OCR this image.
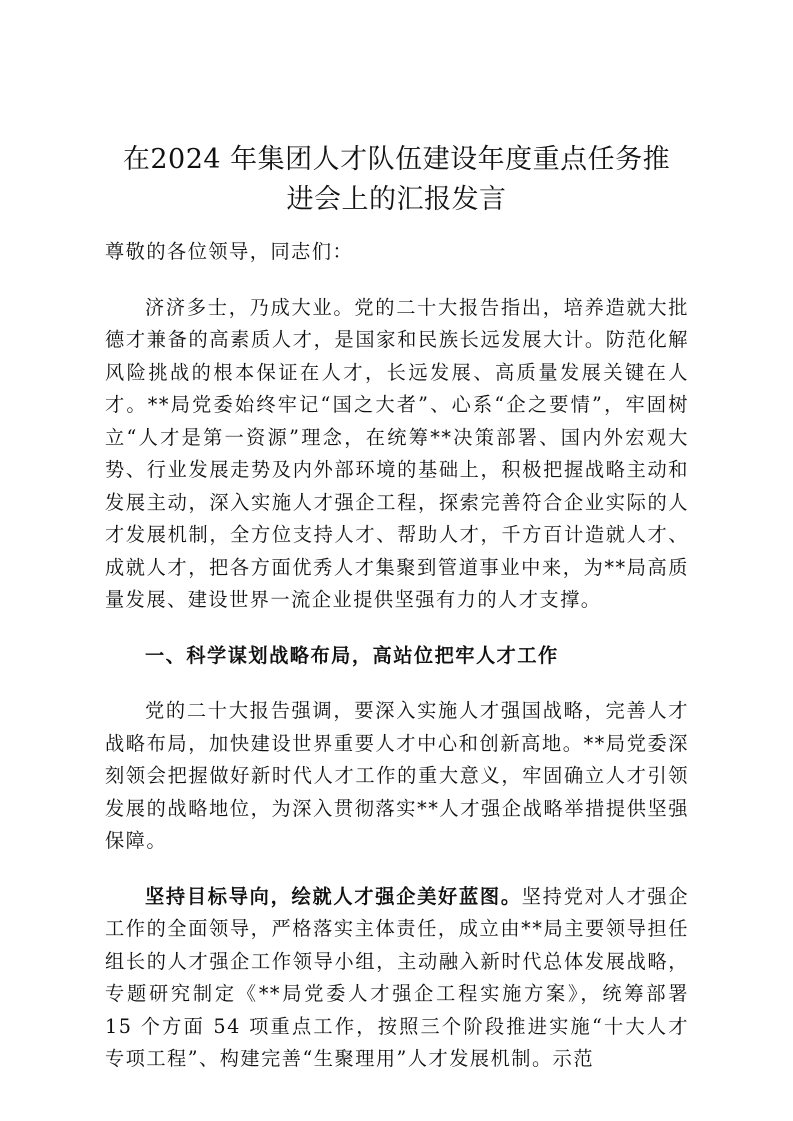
在2024 年集团人才队伍建设年度重点任务推
进会上的汇报发言

尊敬的各位领导，同志们：

济济多士，乃成大业。党的二十大报告指出，培养造就大批德才兼备的高素质人才，是国家和民族长远发展大计。防范化解风险挑战的根本保证在人才，长远发展、高质量发展关键在人才。**局党委始终牢记“国之大者”、心系“企之要情”，牢固树立“人才是第一资源”理念，在统筹**决策部署、国内外宏观大势、行业发展走势及内外部环境的基础上，积极把握战略主动和发展主动，深入实施人才强企工程，探索完善符合企业实际的人才发展机制，全方位支持人才、帮助人才，千方百计造就人才、成就人才，把各方面优秀人才集聚到管道事业中来，为**局高质量发展、建设世界一流企业提供坚强有力的人才支撑。

一、科学谋划战略布局，高站位把牢人才工作

党的二十大报告强调，要深入实施人才强国战略，完善人才战略布局，加快建设世界重要人才中心和创新高地。**局党委深刻领会把握做好新时代人才工作的重大意义，牢固确立人才引领发展的战略地位，为深入贯彻落实**人才强企战略举措提供坚强保障。

坚持目标导向，绘就人才强企美好蓝图。坚持党对人才强企工作的全面领导，严格落实主体责任，成立由**局主要领导担任组长的人才强企工作领导小组，主动融入新时代总体发展战略，专题研究制定《**局党委人才强企工程实施方案》，统筹部署 15 个方面 54 项重点工作，按照三个阶段推进实施“十大人才专项工程”、构建完善“生聚理用”人才发展机制。示范
